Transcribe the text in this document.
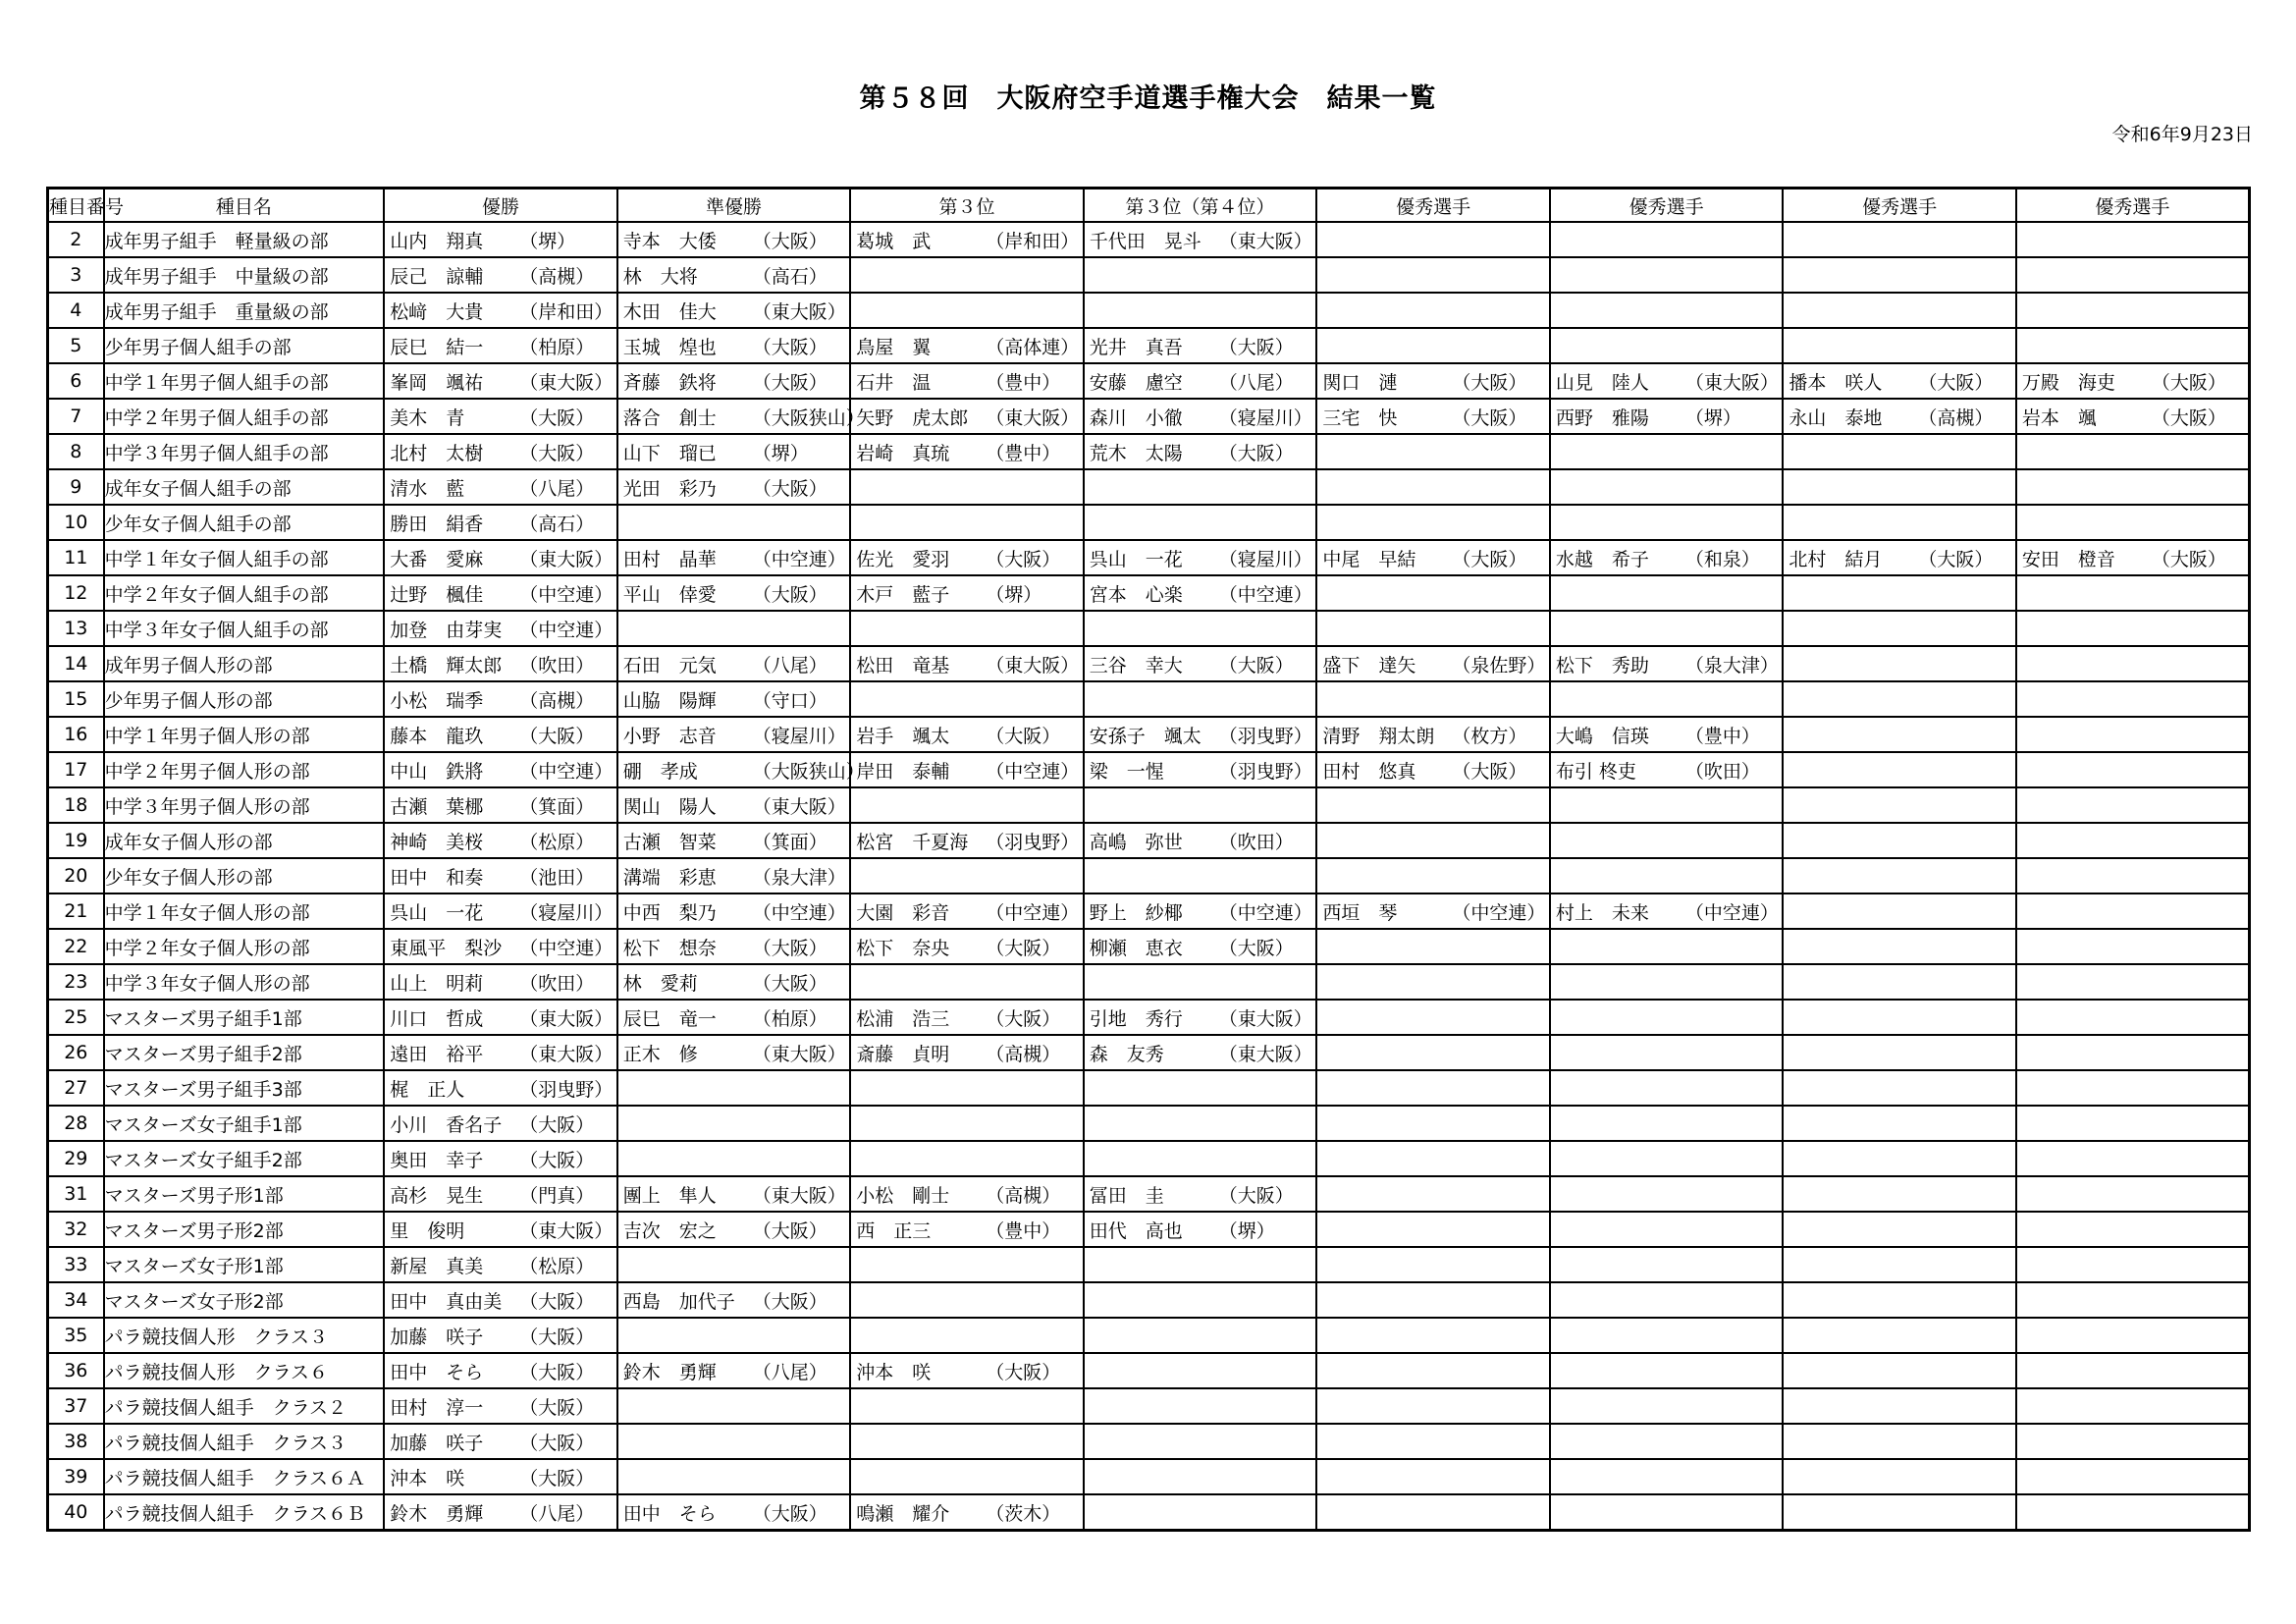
第５８回　大阪府空手道選手権大会　結果一覧
令和6年9月23日
種目番号	種目名	優勝	準優勝	第３位	第３位（第４位）	優秀選手	優秀選手	優秀選手	優秀選手
2	成年男子組手　軽量級の部	山内　翔真 （堺）	寺本　大倭 （大阪）	葛城　武 （岸和田）	千代田　晃斗 （東大阪）				
3	成年男子組手　中量級の部	辰己　諒輔 （高槻）	林　大将 （高石）						
4	成年男子組手　重量級の部	松﨑　大貴 （岸和田）	木田　佳大 （東大阪）						
5	少年男子個人組手の部	辰巳　結一 （柏原）	玉城　煌也 （大阪）	鳥屋　翼 （高体連）	光井　真吾 （大阪）				
6	中学１年男子個人組手の部	峯岡　颯祐 （東大阪）	斉藤　鉄将 （大阪）	石井　温 （豊中）	安藤　慮空 （八尾）	関口　漣 （大阪）	山見　陸人 （東大阪）	播本　咲人 （大阪）	万殿　海吏 （大阪）
7	中学２年男子個人組手の部	美木　青 （大阪）	落合　創士 （大阪狭山）	矢野　虎太郎 （東大阪）	森川　小徹 （寝屋川）	三宅　快 （大阪）	西野　雅陽 （堺）	永山　泰地 （高槻）	岩本　颯 （大阪）
8	中学３年男子個人組手の部	北村　太樹 （大阪）	山下　瑠已 （堺）	岩崎　真琉 （豊中）	荒木　太陽 （大阪）				
9	成年女子個人組手の部	清水　藍 （八尾）	光田　彩乃 （大阪）						
10	少年女子個人組手の部	勝田　絹香 （高石）							
11	中学１年女子個人組手の部	大番　愛麻 （東大阪）	田村　晶華 （中空連）	佐光　愛羽 （大阪）	呉山　一花 （寝屋川）	中尾　早結 （大阪）	水越　希子 （和泉）	北村　結月 （大阪）	安田　橙音 （大阪）
12	中学２年女子個人組手の部	辻野　楓佳 （中空連）	平山　倖愛 （大阪）	木戸　藍子 （堺）	宮本　心楽 （中空連）				
13	中学３年女子個人組手の部	加登　由芽実 （中空連）							
14	成年男子個人形の部	土橋　輝太郎 （吹田）	石田　元気 （八尾）	松田　竜基 （東大阪）	三谷　幸大 （大阪）	盛下　達矢 （泉佐野）	松下　秀助 （泉大津）		
15	少年男子個人形の部	小松　瑞季 （高槻）	山脇　陽輝 （守口）						
16	中学１年男子個人形の部	藤本　龍玖 （大阪）	小野　志音 （寝屋川）	岩手　颯太 （大阪）	安孫子　颯太 （羽曳野）	清野　翔太朗 （枚方）	大嶋　信瑛 （豊中）		
17	中学２年男子個人形の部	中山　鉄將 （中空連）	硼　孝成 （大阪狭山）	岸田　泰輔 （中空連）	梁　一惺 （羽曳野）	田村　悠真 （大阪）	布引 柊吏 （吹田）		
18	中学３年男子個人形の部	古瀬　葉梛 （箕面）	関山　陽人 （東大阪）						
19	成年女子個人形の部	神崎　美桜 （松原）	古瀬　智菜 （箕面）	松宮　千夏海 （羽曳野）	高嶋　弥世 （吹田）				
20	少年女子個人形の部	田中　和奏 （池田）	溝端　彩恵 （泉大津）						
21	中学１年女子個人形の部	呉山　一花 （寝屋川）	中西　梨乃 （中空連）	大園　彩音 （中空連）	野上　紗椰 （中空連）	西垣　琴 （中空連）	村上　未来 （中空連）		
22	中学２年女子個人形の部	東風平　梨沙 （中空連）	松下　想奈 （大阪）	松下　奈央 （大阪）	柳瀬　恵衣 （大阪）				
23	中学３年女子個人形の部	山上　明莉 （吹田）	林　愛莉 （大阪）						
25	マスターズ男子組手1部	川口　哲成 （東大阪）	辰巳　竜一 （柏原）	松浦　浩三 （大阪）	引地　秀行 （東大阪）				
26	マスターズ男子組手2部	遠田　裕平 （東大阪）	正木　修 （東大阪）	斎藤　貞明 （高槻）	森　友秀 （東大阪）				
27	マスターズ男子組手3部	梶　正人 （羽曳野）							
28	マスターズ女子組手1部	小川　香名子 （大阪）							
29	マスターズ女子組手2部	奥田　幸子 （大阪）							
31	マスターズ男子形1部	高杉　晃生 （門真）	團上　隼人 （東大阪）	小松　剛士 （高槻）	冨田　圭 （大阪）				
32	マスターズ男子形2部	里　俊明 （東大阪）	吉次　宏之 （大阪）	西　正三 （豊中）	田代　高也 （堺）				
33	マスターズ女子形1部	新屋　真美 （松原）							
34	マスターズ女子形2部	田中　真由美 （大阪）	西島　加代子 （大阪）						
35	パラ競技個人形　クラス３	加藤　咲子 （大阪）							
36	パラ競技個人形　クラス６	田中　そら （大阪）	鈴木　勇輝 （八尾）	沖本　咲 （大阪）					
37	パラ競技個人組手　クラス２	田村　淳一 （大阪）							
38	パラ競技個人組手　クラス３	加藤　咲子 （大阪）							
39	パラ競技個人組手　クラス６Ａ	沖本　咲 （大阪）							
40	パラ競技個人組手　クラス６Ｂ	鈴木　勇輝 （八尾）	田中　そら （大阪）	鳴瀬　耀介 （茨木）					
